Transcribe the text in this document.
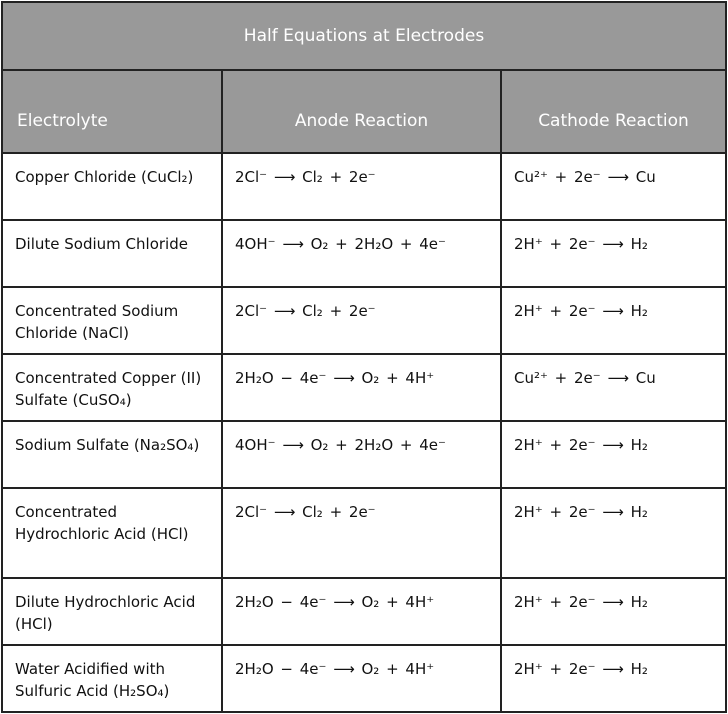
Half Equations at Electrodes		
Electrolyte	Anode Reaction	Cathode Reaction
Copper Chloride (CuCl₂)	2Cl⁻ ⟶ Cl₂ + 2e⁻	Cu²⁺ + 2e⁻ ⟶ Cu
Dilute Sodium Chloride	4OH⁻ ⟶ O₂ + 2H₂O + 4e⁻	2H⁺ + 2e⁻ ⟶ H₂
Concentrated Sodium Chloride (NaCl)	2Cl⁻ ⟶ Cl₂ + 2e⁻	2H⁺ + 2e⁻ ⟶ H₂
Concentrated Copper (II) Sulfate (CuSO₄)	2H₂O − 4e⁻ ⟶ O₂ + 4H⁺	Cu²⁺ + 2e⁻ ⟶ Cu
Sodium Sulfate (Na₂SO₄)	4OH⁻ ⟶ O₂ + 2H₂O + 4e⁻	2H⁺ + 2e⁻ ⟶ H₂
Concentrated Hydrochloric Acid (HCl)	2Cl⁻ ⟶ Cl₂ + 2e⁻	2H⁺ + 2e⁻ ⟶ H₂
Dilute Hydrochloric Acid (HCl)	2H₂O − 4e⁻ ⟶ O₂ + 4H⁺	2H⁺ + 2e⁻ ⟶ H₂
Water Acidified with Sulfuric Acid (H₂SO₄)	2H₂O − 4e⁻ ⟶ O₂ + 4H⁺	2H⁺ + 2e⁻ ⟶ H₂
